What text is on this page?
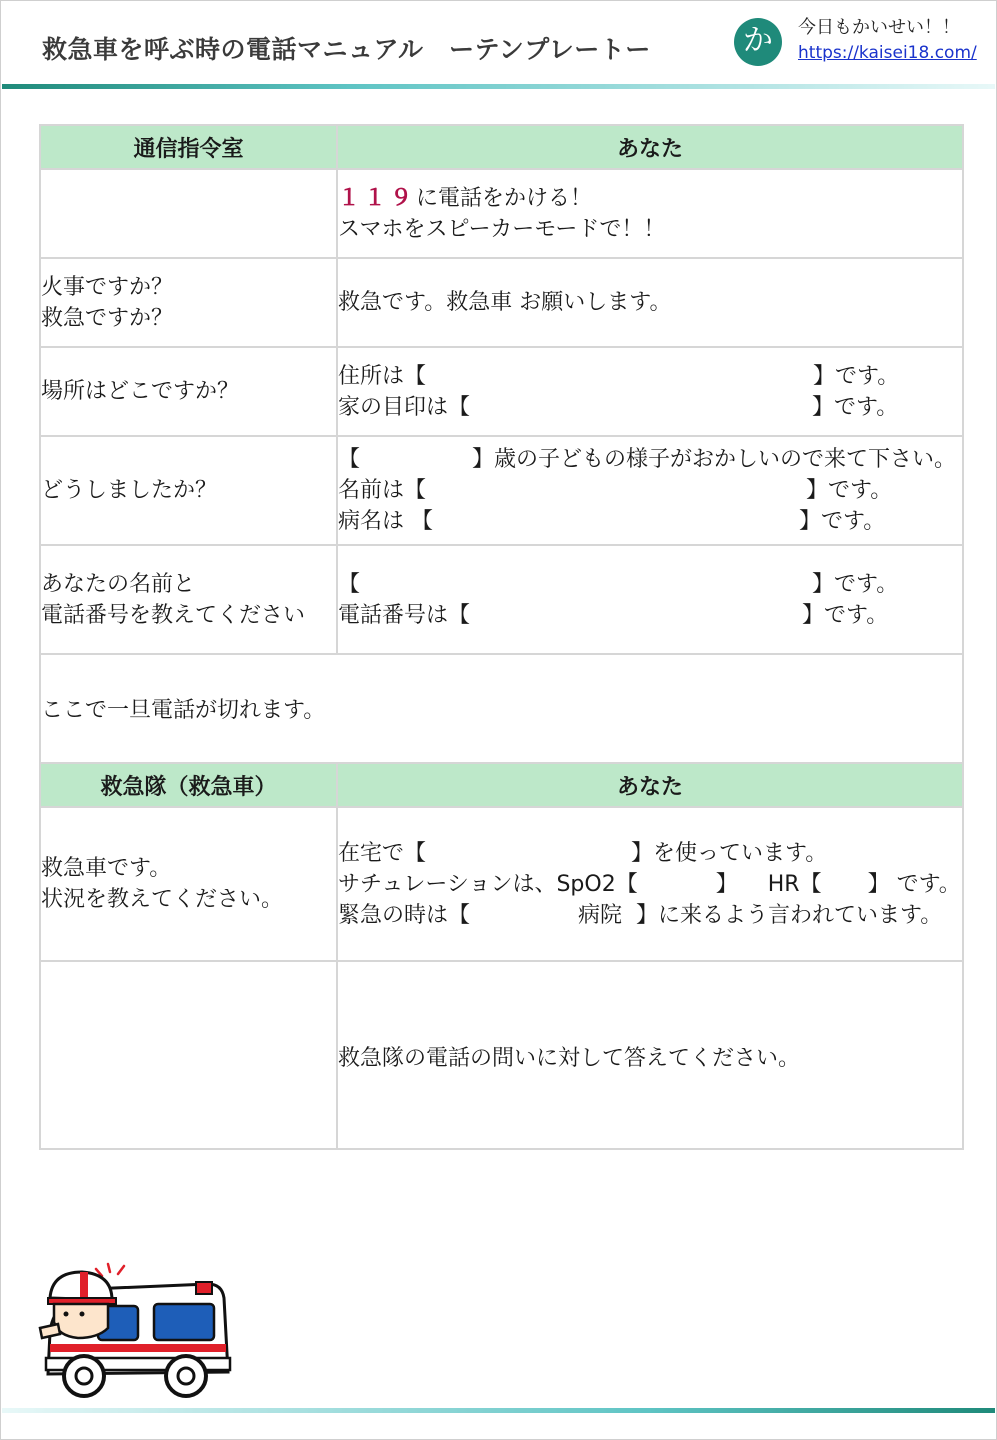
救急車を呼ぶ時の電話マニュアル　ーテンプレートー	か	今日もかいせい！！
https://kaisei18.com/
通信指令室	あなた

	１１９に電話をかける！
スマホをスピーカーモードで！！

火事ですか？
救急ですか？	救急です。救急車 お願いします。
場所はどこですか？	住所は【 】です。
家の目印は【 】です。

どうしましたか？	【 】歳の子どもの様子がおかしいので来て下さい。
名前は【 】です。
病名は 【 】です。

あなたの名前と
電話番号を教えてください	【 】です。
電話番号は【 】です。

ここで一旦電話が切れます。	
救急隊（救急車）	あなた

救急車です。
状況を教えてください。	在宅で【 】を使っています。
サチュレーションは、SpO2【 】 HR【 】 です。
緊急の時は【 病院 】に来るよう言われています。

	救急隊の電話の問いに対して答えてください。
